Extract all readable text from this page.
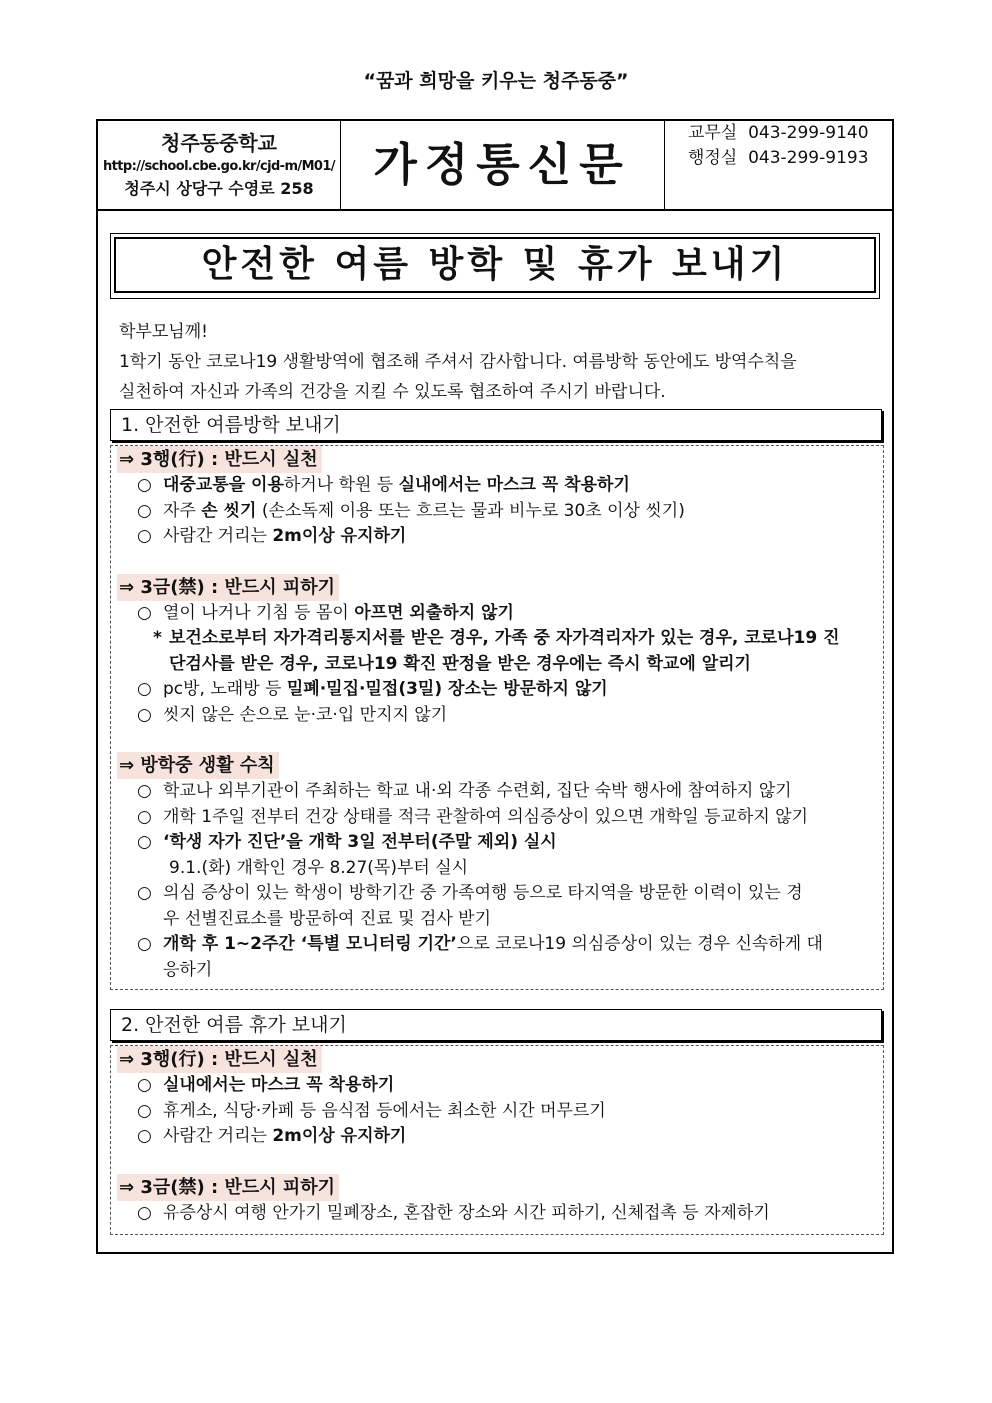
“꿈과 희망을 키우는 청주동중”
청주동중학교
http://school.cbe.go.kr/cjd-m/M01/
청주시 상당구 수영로 258	가정통신문
교무실 043-299-9140
행정실 043-299-9193
안전한 여름 방학 및 휴가 보내기

학부모님께!

1학기 동안 코로나19 생활방역에 협조해 주셔서 감사합니다. 여름방학 동안에도 방역수칙을

실천하여 자신과 가족의 건강을 지킬 수 있도록 협조하여 주시기 바랍니다.

1. 안전한 여름방학 보내기
⇒ 3행(行) : 반드시 실천
○ 대중교통을 이용하거나 학원 등 실내에서는 마스크 꼭 착용하기
○ 자주 손 씻기 (손소독제 이용 또는 흐르는 물과 비누로 30초 이상 씻기)
○ 사람간 거리는 2m이상 유지하기
⇒ 3금(禁) : 반드시 피하기
○ 열이 나거나 기침 등 몸이 아프면 외출하지 않기
* 보건소로부터 자가격리통지서를 받은 경우, 가족 중 자가격리자가 있는 경우, 코로나19 진
단검사를 받은 경우, 코로나19 확진 판정을 받은 경우에는 즉시 학교에 알리기
○ pc방, 노래방 등 밀폐·밀집·밀접(3밀) 장소는 방문하지 않기
○ 씻지 않은 손으로 눈·코·입 만지지 않기
⇒ 방학중 생활 수칙
○ 학교나 외부기관이 주최하는 학교 내·외 각종 수련회, 집단 숙박 행사에 참여하지 않기
○ 개학 1주일 전부터 건강 상태를 적극 관찰하여 의심증상이 있으면 개학일 등교하지 않기
○ ‘학생 자가 진단’을 개학 3일 전부터(주말 제외) 실시
9.1.(화) 개학인 경우 8.27(목)부터 실시
○ 의심 증상이 있는 학생이 방학기간 중 가족여행 등으로 타지역을 방문한 이력이 있는 경
우 선별진료소를 방문하여 진료 및 검사 받기
○ 개학 후 1~2주간 ‘특별 모니터링 기간’으로 코로나19 의심증상이 있는 경우 신속하게 대
응하기
2. 안전한 여름 휴가 보내기
⇒ 3행(行) : 반드시 실천
○ 실내에서는 마스크 꼭 착용하기
○ 휴게소, 식당·카페 등 음식점 등에서는 최소한 시간 머무르기
○ 사람간 거리는 2m이상 유지하기
⇒ 3금(禁) : 반드시 피하기
○ 유증상시 여행 안가기 밀폐장소, 혼잡한 장소와 시간 피하기, 신체접촉 등 자제하기
